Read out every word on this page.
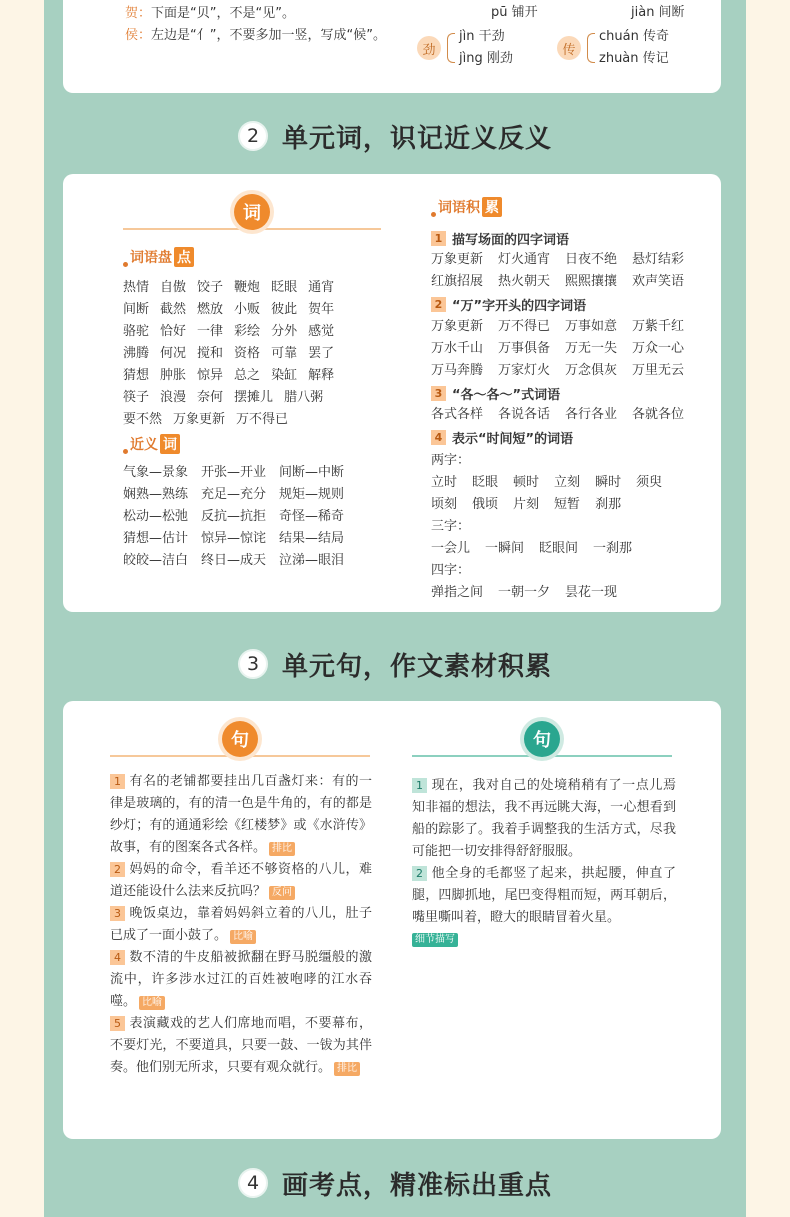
贺：下面是“贝”，不是“见”。
侯：左边是“亻”，不要多加一竖，写成“候”。
pū 铺开	jiàn 间断
劲
jìn 干劲
jìng 刚劲
传
chuán 传奇
zhuàn 传记
2 单元词，识记近义反义
词
词语盘 点
热情 自傲 饺子 鞭炮 眨眼 通宵
间断 截然 燃放 小贩 彼此 贺年
骆驼 恰好 一律 彩绘 分外 感觉
沸腾 何况 搅和 资格 可靠 罢了
猜想 肿胀 惊异 总之 染缸 解释
筷子 浪漫 奈何 摆摊儿 腊八粥
要不然 万象更新 万不得已
近义 词
气象—景象 开张—开业 间断—中断
娴熟—熟练 充足—充分 规矩—规则
松动—松弛 反抗—抗拒 奇怪—稀奇
猜想—估计 惊异—惊诧 结果—结局
皎皎—洁白 终日—成天 泣涕—眼泪
词语积 累
1 描写场面的四字词语
万象更新 灯火通宵 日夜不绝 悬灯结彩
红旗招展 热火朝天 熙熙攘攘 欢声笑语
2 “万”字开头的四字词语
万象更新 万不得已 万事如意 万紫千红
万水千山 万事俱备 万无一失 万众一心
万马奔腾 万家灯火 万念俱灰 万里无云
3 “各～各～”式词语
各式各样 各说各话 各行各业 各就各位
4 表示“时间短”的词语
两字：
立时 眨眼 顿时 立刻 瞬时 须臾
顷刻 俄顷 片刻 短暂 刹那
三字：
一会儿 一瞬间 眨眼间 一刹那
四字：
弹指之间 一朝一夕 昙花一现
3 单元句，作文素材积累
句
1 有名的老铺都要挂出几百盏灯来：有的一律是玻璃的，有的清一色是牛角的，有的都是纱灯；有的通通彩绘《红楼梦》或《水浒传》故事，有的图案各式各样。 排比
2 妈妈的命令，看羊还不够资格的八儿，难道还能设什么法来反抗吗？ 反问
3 晚饭桌边，靠着妈妈斜立着的八儿，肚子已成了一面小鼓了。 比喻
4 数不清的牛皮船被掀翻在野马脱缰般的激流中，许多涉水过江的百姓被咆哮的江水吞噬。 比喻
5 表演藏戏的艺人们席地而唱，不要幕布，不要灯光，不要道具，只要一鼓、一钹为其伴奏。他们别无所求，只要有观众就行。 排比
句
1 现在，我对自己的处境稍稍有了一点儿焉知非福的想法，我不再远眺大海，一心想看到船的踪影了。我着手调整我的生活方式，尽我可能把一切安排得舒舒服服。
2 他全身的毛都竖了起来，拱起腰，伸直了腿，四脚抓地，尾巴变得粗而短，两耳朝后，嘴里嘶叫着，瞪大的眼睛冒着火星。
细节描写
4 画考点，精准标出重点
